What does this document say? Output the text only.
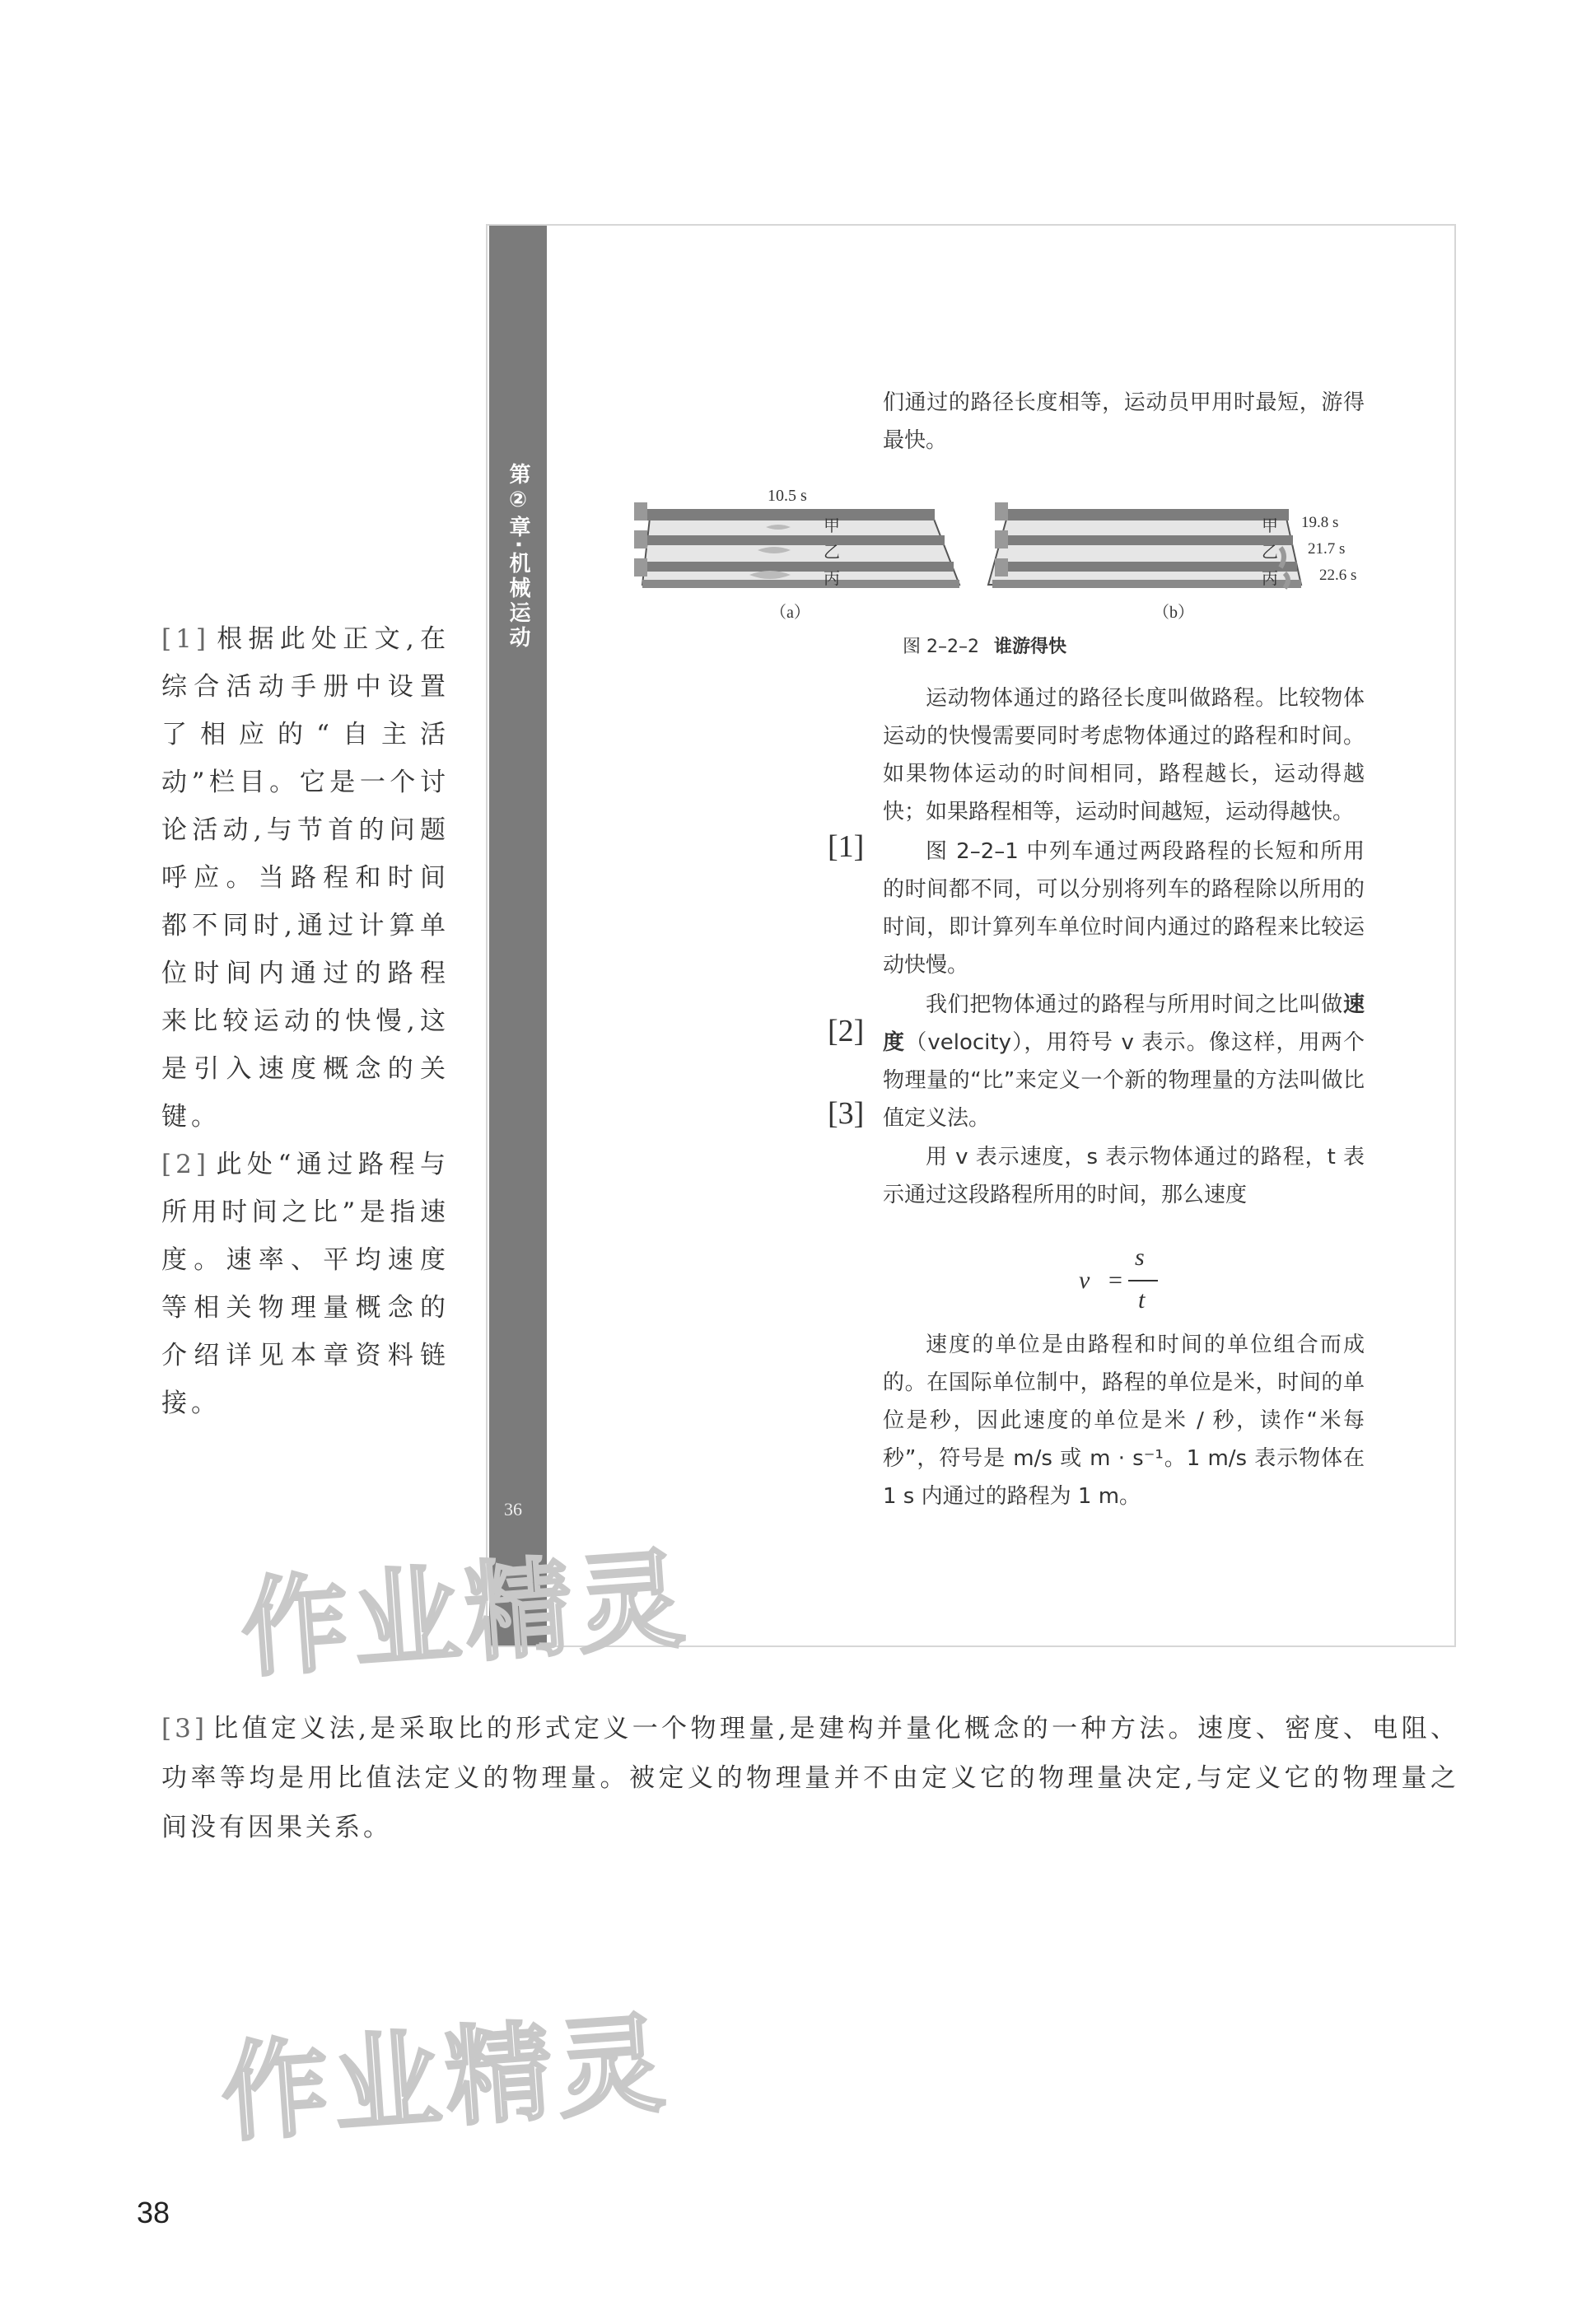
第②章·机械运动
36
[1] 根据此处正文,在综合活动手册中设置了相应的“自主活动”栏目。它是一个讨论活动,与节首的问题呼应。当路程和时间都不同时,通过计算单位时间内通过的路程来比较运动的快慢,这是引入速度概念的关键。
[2] 此处“通过路程与所用时间之比”是指速度。速率、平均速度等相关物理量概念的介绍详见本章资料链接。
10.5 s
甲
乙
丙
（a）
甲
乙
丙
19.8 s
21.7 s
22.6 s
（b）
图 2–2–2 谁游得快
们通过的路径长度相等，运动员甲用时最短，游得最快。
运动物体通过的路径长度叫做路程。比较物体运动的快慢需要同时考虑物体通过的路程和时间。如果物体运动的时间相同，路程越长，运动得越快；如果路程相等，运动时间越短，运动得越快。
图 2–2–1 中列车通过两段路程的长短和所用的时间都不同，可以分别将列车的路程除以所用的时间，即计算列车单位时间内通过的路程来比较运动快慢。
我们把物体通过的路程与所用时间之比叫做速度（velocity），用符号 v 表示。像这样，用两个物理量的“比”来定义一个新的物理量的方法叫做比值定义法。
用 v 表示速度，s 表示物体通过的路程，t 表示通过这段路程所用的时间，那么速度
v =
s
t
速度的单位是由路程和时间的单位组合而成的。在国际单位制中，路程的单位是米，时间的单位是秒，因此速度的单位是米 / 秒，读作“米每秒”，符号是 m/s 或 m · s⁻¹。1 m/s 表示物体在 1 s 内通过的路程为 1 m。
[1]
[2]
[3]
[3] 比值定义法,是采取比的形式定义一个物理量,是建构并量化概念的一种方法。速度、密度、电阻、功率等均是用比值法定义的物理量。被定义的物理量并不由定义它的物理量决定,与定义它的物理量之间没有因果关系。
作业精灵
作业精灵
38
